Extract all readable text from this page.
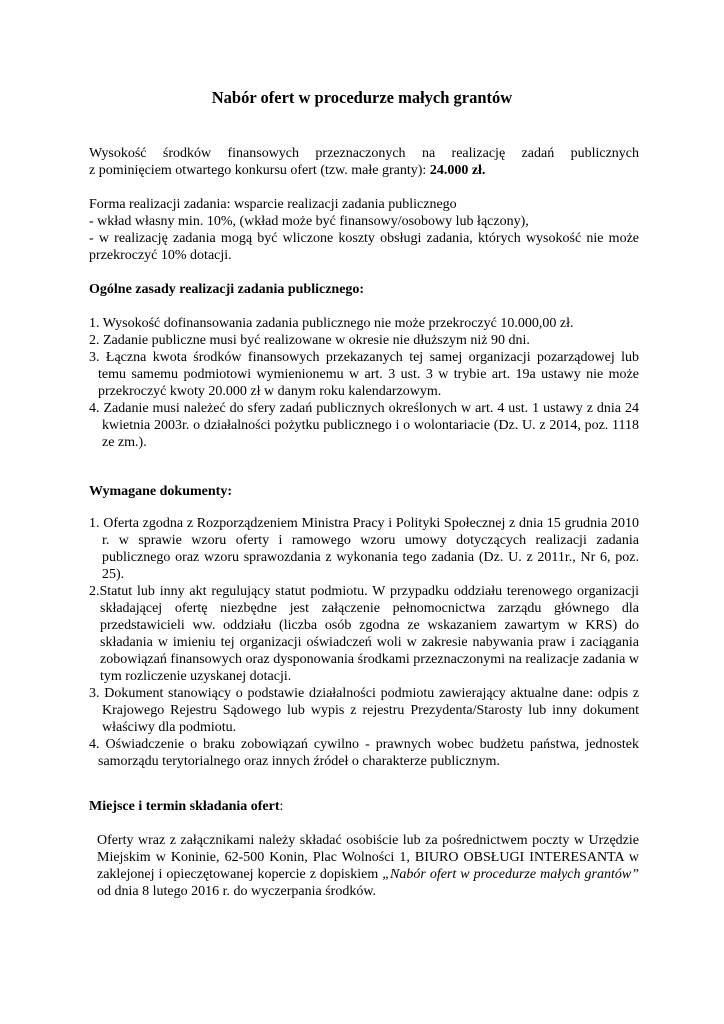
Nabór ofert w procedurze małych grantów
Wysokość środków finansowych przeznaczonych na realizację zadań publicznych
z pominięciem otwartego konkursu ofert (tzw. małe granty): 24.000 zł.
Forma realizacji zadania: wsparcie realizacji zadania publicznego
- wkład własny min. 10%, (wkład może być finansowy/osobowy lub łączony),
- w realizację zadania mogą być wliczone koszty obsługi zadania, których wysokość nie może przekroczyć 10% dotacji.
Ogólne zasady realizacji zadania publicznego:
1. Wysokość dofinansowania zadania publicznego nie może przekroczyć 10.000,00 zł.
2. Zadanie publiczne musi być realizowane w okresie nie dłuższym niż 90 dni.
3. Łączna kwota środków finansowych przekazanych tej samej organizacji pozarządowej lub temu samemu podmiotowi wymienionemu w art. 3 ust. 3 w trybie art. 19a ustawy nie może przekroczyć kwoty 20.000 zł w danym roku kalendarzowym.
4. Zadanie musi należeć do sfery zadań publicznych określonych w art. 4 ust. 1 ustawy z dnia 24 kwietnia 2003r. o działalności pożytku publicznego i o wolontariacie (Dz. U. z 2014, poz. 1118 ze zm.).
Wymagane dokumenty:
1. Oferta zgodna z Rozporządzeniem Ministra Pracy i Polityki Społecznej z dnia 15 grudnia 2010 r. w sprawie wzoru oferty i ramowego wzoru umowy dotyczących realizacji zadania publicznego oraz wzoru sprawozdania z wykonania tego zadania (Dz. U. z 2011r., Nr 6, poz. 25).
2.Statut lub inny akt regulujący statut podmiotu. W przypadku oddziału terenowego organizacji składającej ofertę niezbędne jest załączenie pełnomocnictwa zarządu głównego dla przedstawicieli ww. oddziału (liczba osób zgodna ze wskazaniem zawartym w KRS) do składania w imieniu tej organizacji oświadczeń woli w zakresie nabywania praw i zaciągania zobowiązań finansowych oraz dysponowania środkami przeznaczonymi na realizacje zadania w tym rozliczenie uzyskanej dotacji.
3. Dokument stanowiący o podstawie działalności podmiotu zawierający aktualne dane: odpis z Krajowego Rejestru Sądowego lub wypis z rejestru Prezydenta/Starosty lub inny dokument właściwy dla podmiotu.
4. Oświadczenie o braku zobowiązań cywilno - prawnych wobec budżetu państwa, jednostek samorządu terytorialnego oraz innych źródeł o charakterze publicznym.
Miejsce i termin składania ofert:
Oferty wraz z załącznikami należy składać osobiście lub za pośrednictwem poczty w Urzędzie Miejskim w Koninie, 62-500 Konin, Plac Wolności 1, BIURO OBSŁUGI INTERESANTA w zaklejonej i opieczętowanej kopercie z dopiskiem „Nabór ofert w procedurze małych grantów” od dnia 8 lutego 2016 r. do wyczerpania środków.
